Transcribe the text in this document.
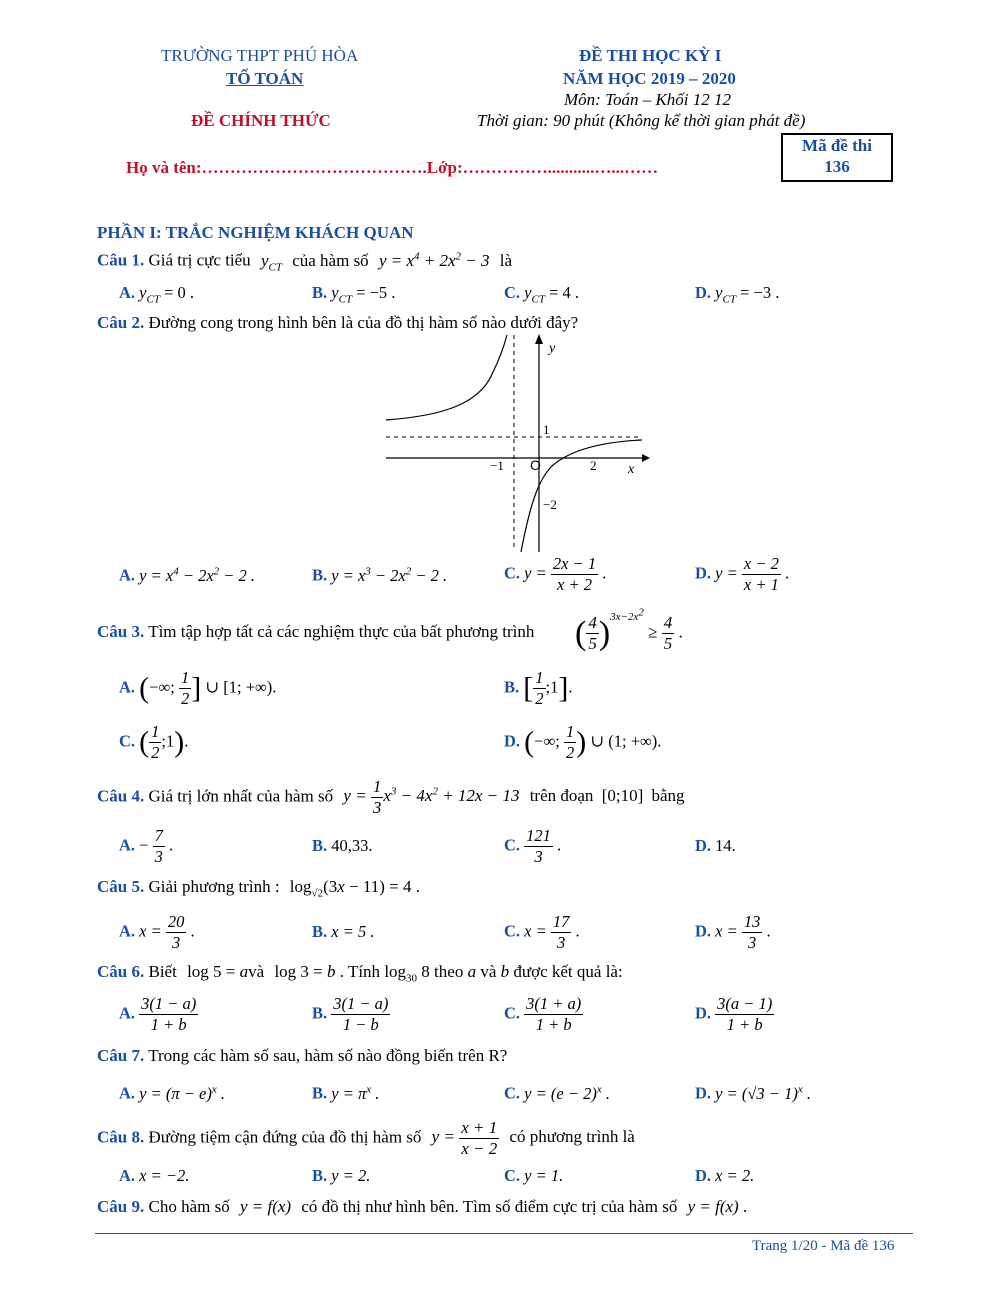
TRƯỜNG THPT PHÚ HÒA
TỔ TOÁN
ĐỀ CHÍNH THỨC
ĐỀ THI HỌC KỲ I
NĂM HỌC 2019 – 2020
Môn: Toán – Khối 12 12
Thời gian: 90 phút (Không kể thời gian phát đề)
Mã đề thi
136
Họ và tên:………………………………….Lớp:……………...........…...……
PHẦN I: TRẮC NGHIỆM KHÁCH QUAN
Câu 1. Giá trị cực tiểu $y_{CT}$ của hàm số $y = x^4 + 2x^2 - 3$ là
A. $y_{CT} = 0$ .	B. $y_{CT} = -5$ .	C. $y_{CT} = 4$ .	D. $y_{CT} = -3$ .
Câu 2. Đường cong trong hình bên là của đồ thị hàm số nào dưới đây?
y
x
O
1
−1	2
−2
A. $y = x^4 - 2x^2 - 2$ .	B. $y = x^3 - 2x^2 - 2$ .	C. $y = \frac{2x - 1}{x + 2}$ .	D. $y = \frac{x - 2}{x + 1}$ .
Câu 3. Tìm tập hợp tất cả các nghiệm thực của bất phương trình ( $\frac{4}{5} )^{3x-2x^2} \ge \frac{4}{5}$ .
A. (−∞; $\frac{1}{2}$ ] ∪ [1; +∞).	B. [ $\frac{1}{2}$ ;1].
C. ( $\frac{1}{2}$ ;1).	D. (−∞; $\frac{1}{2}$ ) ∪ (1; +∞).
Câu 4. Giá trị lớn nhất của hàm số $y = \frac{1}{3} x^3 - 4x^2 + 12x - 13$ trên đoạn [0;10] bằng
A. − $\frac{7}{3}$ .	B. 40,33.	C. $\frac{121}{3}$ .	D. 14.
Câu 5. Giải phương trình : $\log_{√2}(3x - 11) = 4$ .
A. $x = \frac{20}{3}$ .	B. x = 5 .	C. $x = \frac{17}{3}$ .	D. $x = \frac{13}{3}$ .
Câu 6. Biết log 5 = avà log 3 = b . Tính $\log_{30} 8$ theo a và b được kết quả là:
A. $\frac{3(1 - a)}{1 + b}$	B. $\frac{3(1 - a)}{1 - b}$	C. $\frac{3(1 + a)}{1 + b}$	D. $\frac{3(a - 1)}{1 + b}$
Câu 7. Trong các hàm số sau, hàm số nào đồng biến trên R?
A. $y = (\pi - e)^x$ .	B. $y = \pi^x$ .	C. $y = (e - 2)^x$ .	D. $y = (√3 - 1)^x$ .
Câu 8. Đường tiệm cận đứng của đồ thị hàm số $y = \frac{x + 1}{x - 2}$ có phương trình là
A. x = −2.	B. y = 2.	C. y = 1.	D. x = 2.
Câu 9. Cho hàm số y = f(x) có đồ thị như hình bên. Tìm số điểm cực trị của hàm số y = f(x) .
Trang 1/20 - Mã đề 136
